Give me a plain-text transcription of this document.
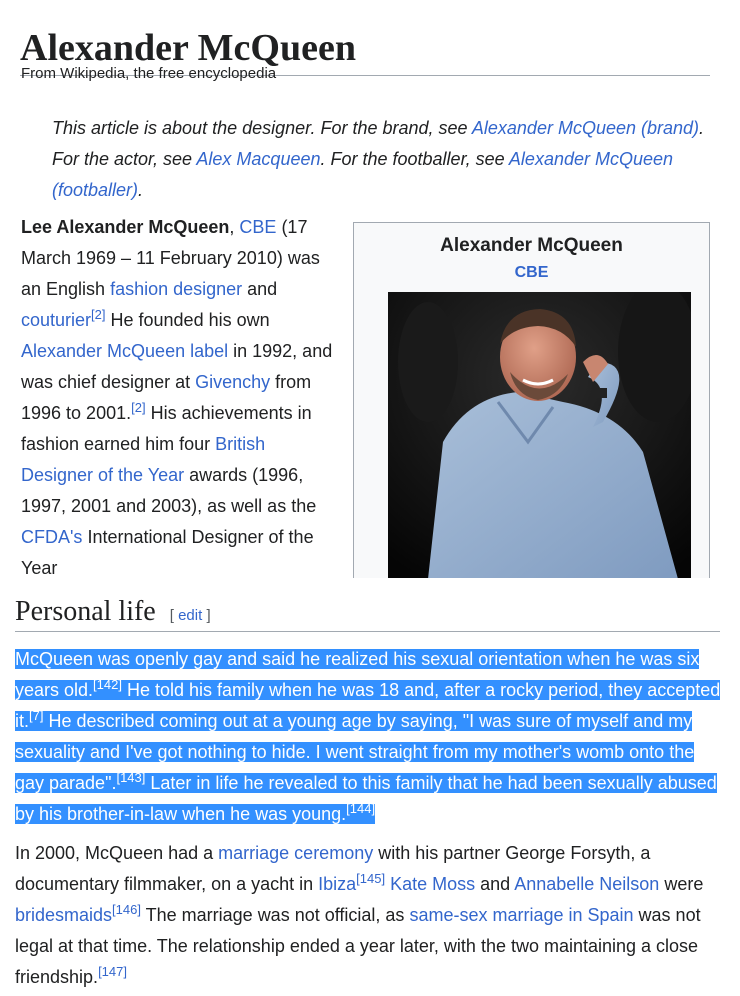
Alexander McQueen
From Wikipedia, the free encyclopedia
This article is about the designer. For the brand, see Alexander McQueen (brand). For the actor, see Alex Macqueen. For the footballer, see Alexander McQueen (footballer).
Lee Alexander McQueen, CBE (17 March 1969 – 11 February 2010) was an English fashion designer and couturier[2] He founded his own Alexander McQueen label in 1992, and was chief designer at Givenchy from 1996 to 2001.[2] His achievements in fashion earned him four British Designer of the Year awards (1996, 1997, 2001 and 2003), as well as the CFDA's International Designer of the Year
Alexander McQueen
CBE
Personal life [ edit ]
McQueen was openly gay and said he realized his sexual orientation when he was six years old.[142] He told his family when he was 18 and, after a rocky period, they accepted it.[7] He described coming out at a young age by saying, "I was sure of myself and my sexuality and I've got nothing to hide. I went straight from my mother's womb onto the gay parade".[143] Later in life he revealed to this family that he had been sexually abused by his brother-in-law when he was young.[144]
In 2000, McQueen had a marriage ceremony with his partner George Forsyth, a documentary filmmaker, on a yacht in Ibiza[145] Kate Moss and Annabelle Neilson were bridesmaids[146] The marriage was not official, as same-sex marriage in Spain was not legal at that time. The relationship ended a year later, with the two maintaining a close friendship.[147]
